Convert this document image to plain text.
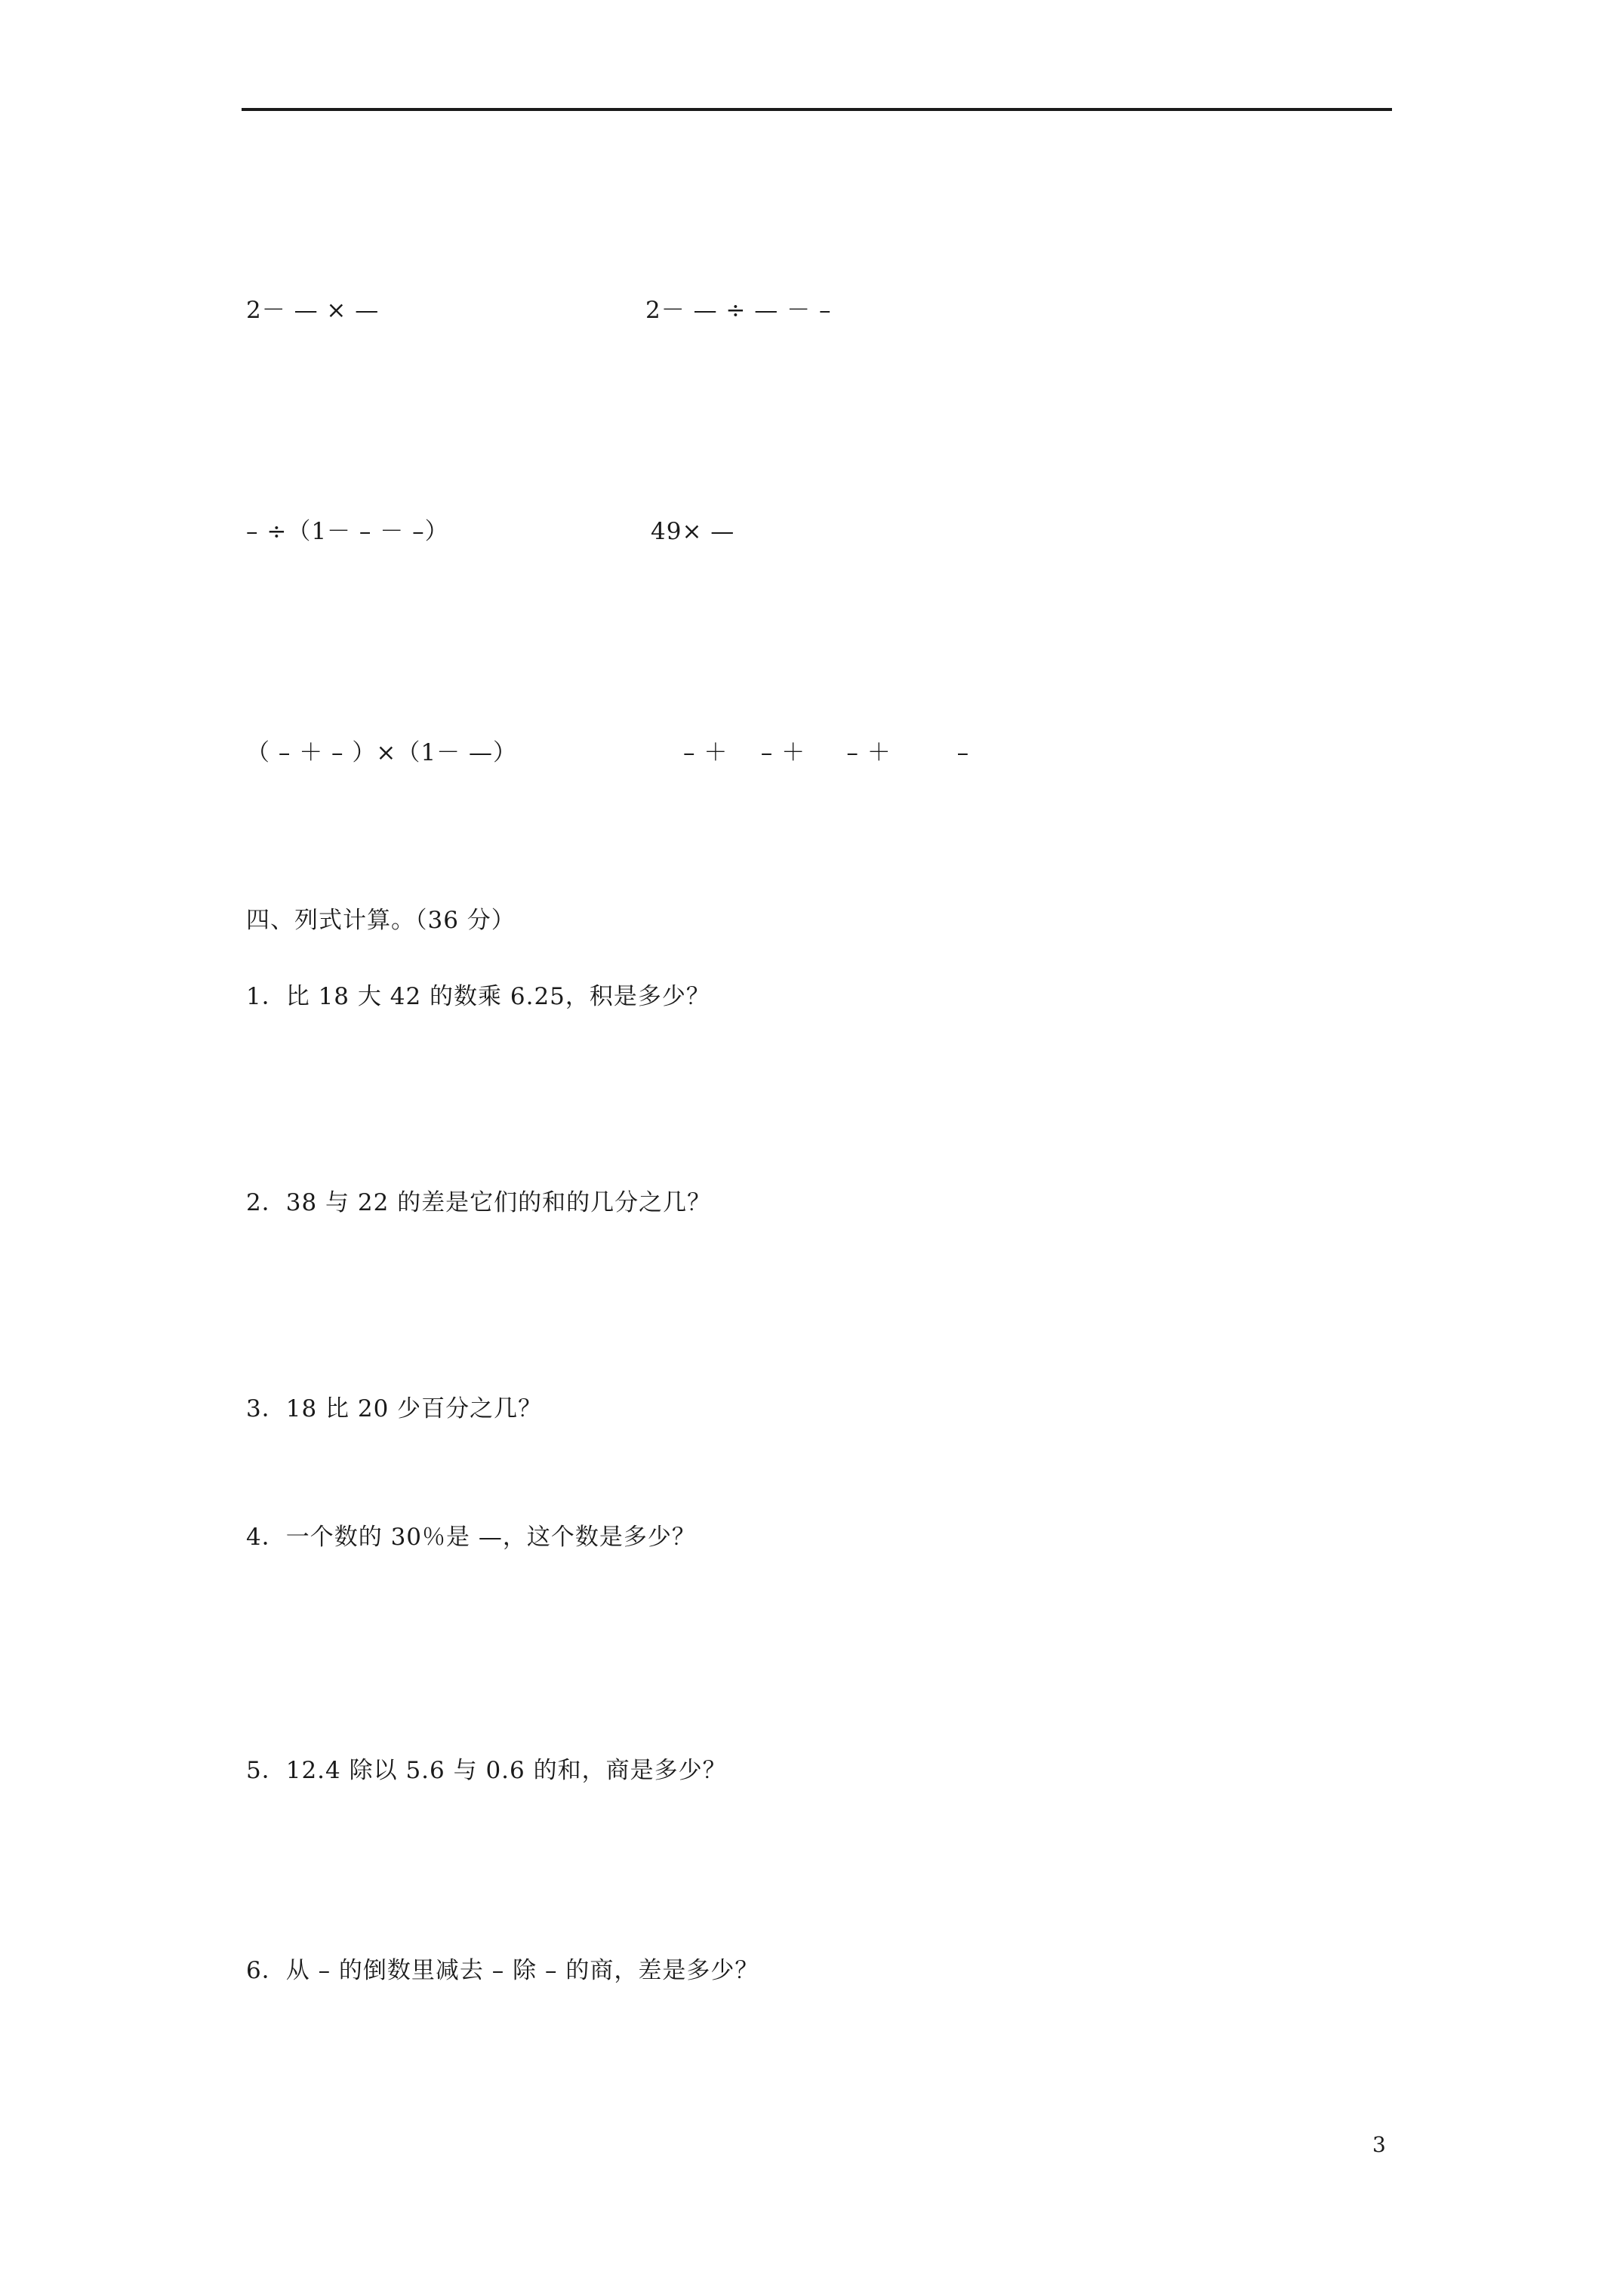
2－ — × —	2－ — ÷ — － –
– ÷（1－ – － –）	49× —
（ – ＋ – ）×（1－ —）	– ＋    – ＋     – ＋        –
四、列式计算。（36 分）
1．比 18 大 42 的数乘 6.25，积是多少？
2．38 与 22 的差是它们的和的几分之几？
3．18 比 20 少百分之几？
4．一个数的 30％是 —，这个数是多少？
5．12.4 除以 5.6 与 0.6 的和，商是多少？
6．从 – 的倒数里减去 – 除 – 的商，差是多少？
3
